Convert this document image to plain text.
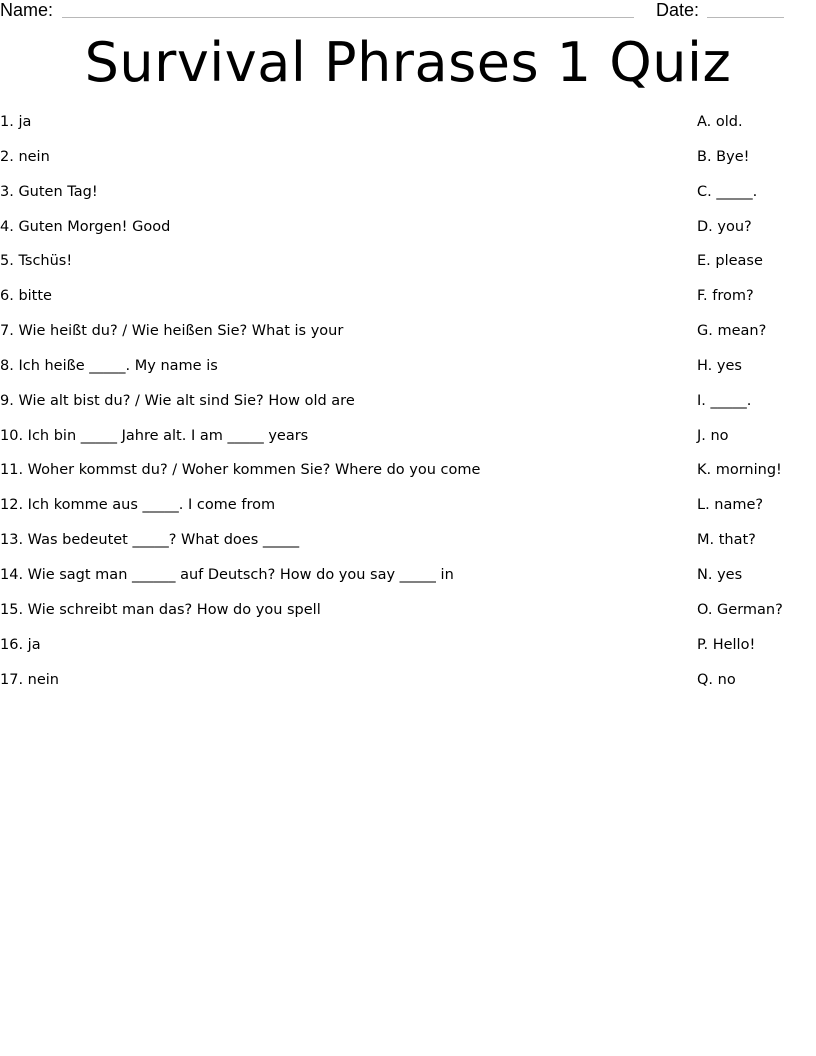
Name:	Date:
Survival Phrases 1 Quiz
1. ja
2. nein
3. Guten Tag!
4. Guten Morgen! Good
5. Tschüs!
6. bitte
7. Wie heißt du? / Wie heißen Sie? What is your
8. Ich heiße _____. My name is
9. Wie alt bist du? / Wie alt sind Sie? How old are
10. Ich bin _____ Jahre alt. I am _____ years
11. Woher kommst du? / Woher kommen Sie? Where do you come
12. Ich komme aus _____. I come from
13. Was bedeutet _____? What does _____
14. Wie sagt man ______ auf Deutsch? How do you say _____ in
15. Wie schreibt man das? How do you spell
16. ja
17. nein
A. old.
B. Bye!
C. _____.
D. you?
E. please
F. from?
G. mean?
H. yes
I. _____.
J. no
K. morning!
L. name?
M. that?
N. yes
O. German?
P. Hello!
Q. no
